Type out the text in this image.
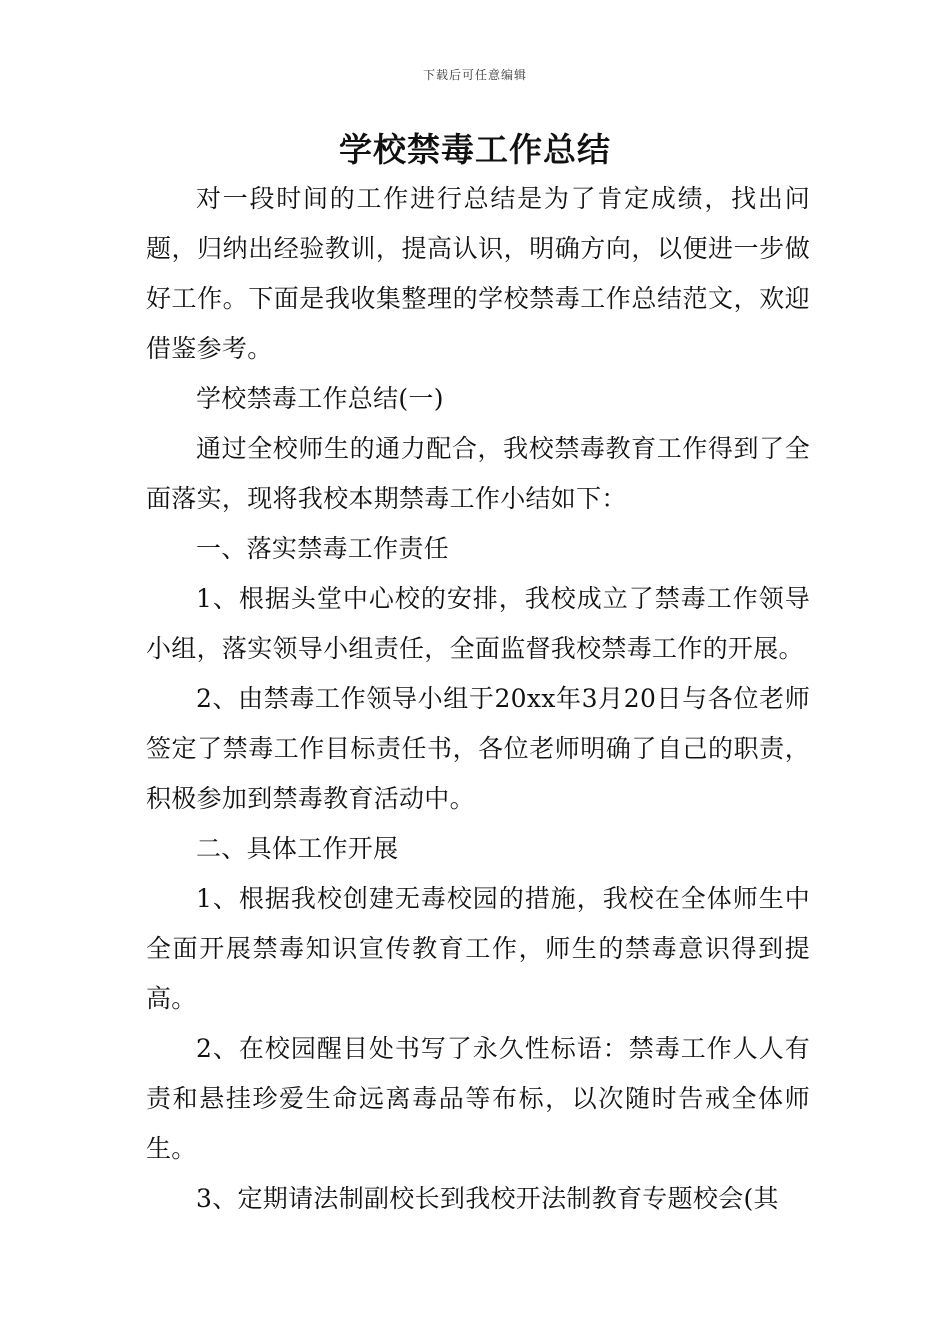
下载后可任意编辑
学校禁毒工作总结

对一段时间的工作进行总结是为了肯定成绩，找出问题，归纳出经验教训，提高认识，明确方向，以便进一步做好工作。下面是我收集整理的学校禁毒工作总结范文，欢迎借鉴参考。

学校禁毒工作总结(一)

通过全校师生的通力配合，我校禁毒教育工作得到了全面落实，现将我校本期禁毒工作小结如下：

一、落实禁毒工作责任

1、根据头堂中心校的安排，我校成立了禁毒工作领导小组，落实领导小组责任，全面监督我校禁毒工作的开展。

2、由禁毒工作领导小组于20xx年3月20日与各位老师签定了禁毒工作目标责任书，各位老师明确了自己的职责，积极参加到禁毒教育活动中。

二、具体工作开展

1、根据我校创建无毒校园的措施，我校在全体师生中全面开展禁毒知识宣传教育工作，师生的禁毒意识得到提高。

2、在校园醒目处书写了永久性标语：禁毒工作人人有责和悬挂珍爱生命远离毒品等布标，以次随时告戒全体师生。

3、定期请法制副校长到我校开法制教育专题校会(其
